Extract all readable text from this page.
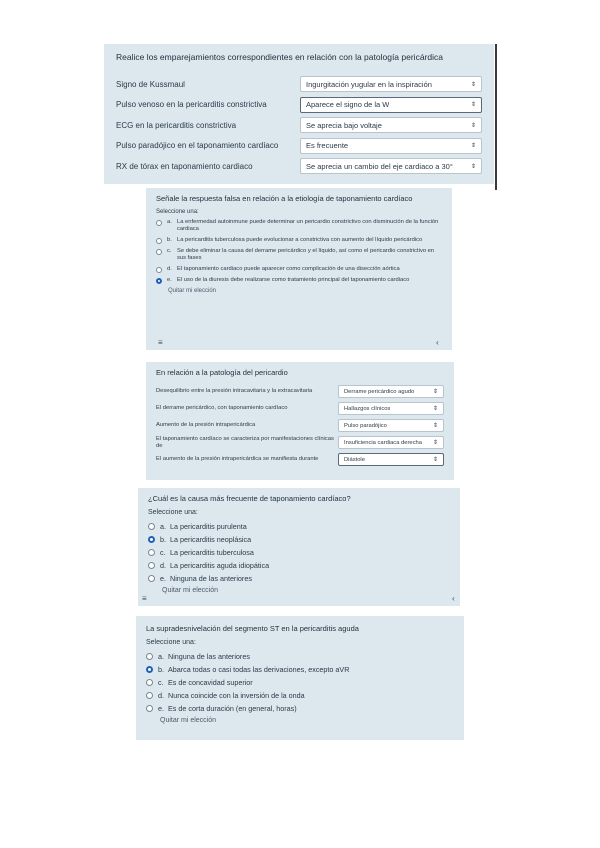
Realice los emparejamientos correspondientes en relación con la patología pericárdica
Signo de Kussmaul	Ingurgitación yugular en la inspiración	⇕
Pulso venoso en la pericarditis constrictiva	Aparece el signo de la W	⇕
ECG en la pericarditis constrictiva	Se aprecia bajo voltaje	⇕
Pulso paradójico en el taponamiento cardíaco	Es frecuente	⇕
RX de tórax en taponamiento cardiaco	Se aprecia un cambio del eje cardiaco a 30°	⇕
Señale la respuesta falsa en relación a la etiología de taponamiento cardíaco
Seleccione una:
a. La enfermedad autoinmune puede determinar un pericardio constrictivo con disminución de la función cardiaca
b. La pericarditis tuberculosa puede evolucionar a constrictiva con aumento del líquido pericárdico
c. Se debe eliminar la causa del derrame pericárdico y el líquido, así como el pericardio constrictivo en sus fases
d. El taponamiento cardiaco puede aparecer como complicación de una disección aórtica
e. El uso de la diuresis debe realizarse como tratamiento principal del taponamiento cardiaco
Quitar mi elección
≡	‹
En relación a la patología del pericardio
Desequilibrio entre la presión intracavitaria y la extracavitaria	Derrame pericárdico agudo	⇕
El derrame pericárdico, con taponamiento cardíaco	Hallazgos clínicos	⇕
Aumento de la presión intrapericárdica	Pulso paradójico	⇕
El taponamiento cardíaco se caracteriza por manifestaciones clínicas de	Insuficiencia cardiaca derecha ⇕
El aumento de la presión intrapericárdica se manifiesta durante	Diástole	⇕
¿Cuál es la causa más frecuente de taponamiento cardíaco?
Seleccione una:
a. La pericarditis purulenta
b. La pericarditis neoplásica
c. La pericarditis tuberculosa
d. La pericarditis aguda idiopática
e. Ninguna de las anteriores
Quitar mi elección
≡	‹
La supradesnivelación del segmento ST en la pericarditis aguda
Seleccione una:
a. Ninguna de las anteriores
b. Abarca todas o casi todas las derivaciones, excepto aVR
c. Es de concavidad superior
d. Nunca coincide con la inversión de la onda
e. Es de corta duración (en general, horas)
Quitar mi elección
